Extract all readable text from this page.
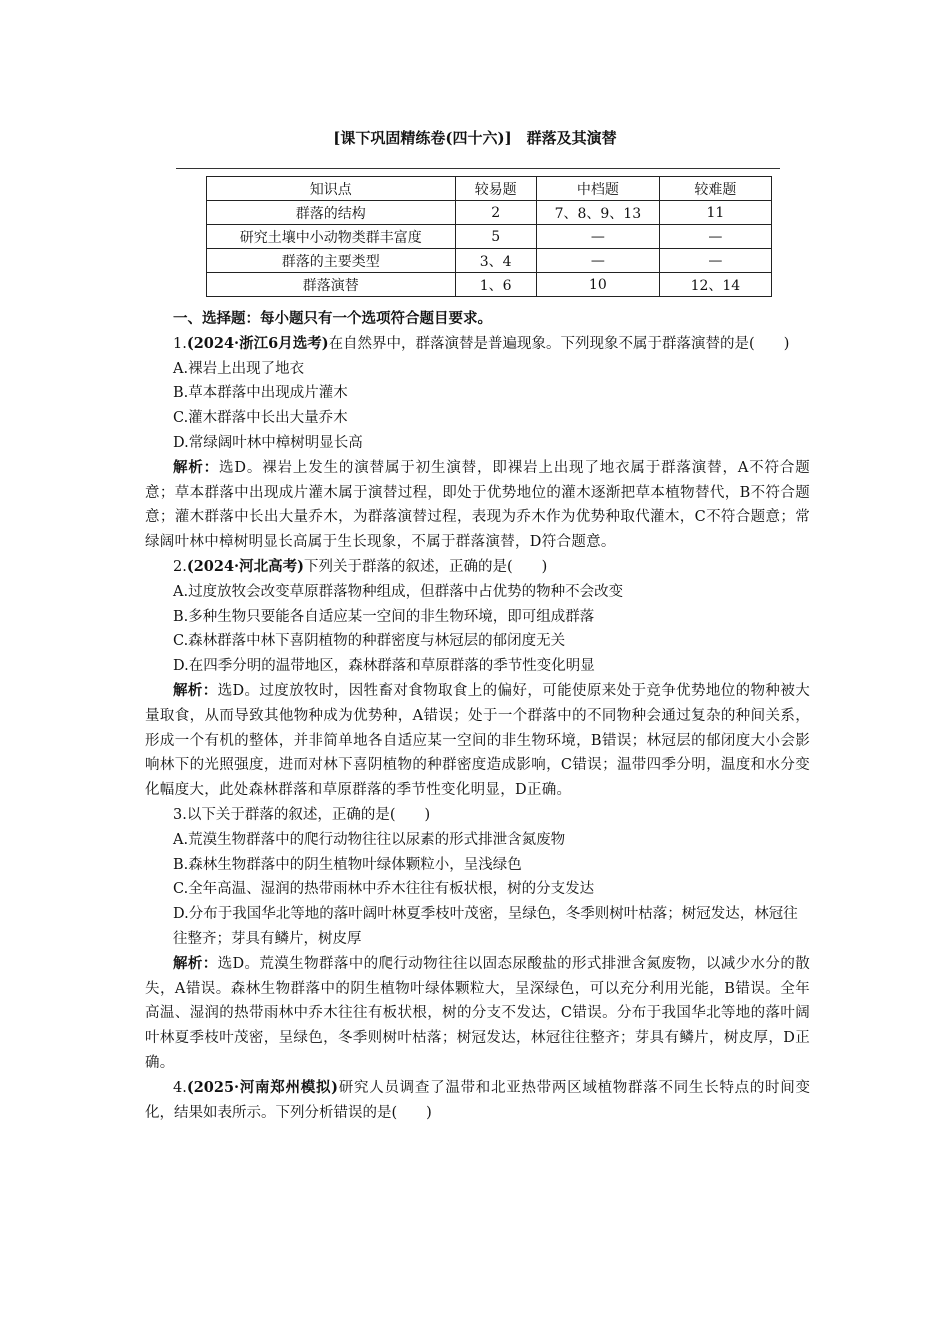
[课下巩固精练卷(四十六)]　群落及其演替
知识点	较易题	中档题	较难题
群落的结构	2	7、8、9、13	11
研究土壤中小动物类群丰富度	5	—	—
群落的主要类型	3、4	—	—
群落演替	1、6	10	12、14

一、选择题：每小题只有一个选项符合题目要求。

1.(2024·浙江6月选考)在自然界中，群落演替是普遍现象。下列现象不属于群落演替的是(　　)

A.裸岩上出现了地衣

B.草本群落中出现成片灌木

C.灌木群落中长出大量乔木

D.常绿阔叶林中樟树明显长高

解析：选D。裸岩上发生的演替属于初生演替，即裸岩上出现了地衣属于群落演替，A不符合题意；草本群落中出现成片灌木属于演替过程，即处于优势地位的灌木逐渐把草本植物替代，B不符合题意；灌木群落中长出大量乔木，为群落演替过程，表现为乔木作为优势种取代灌木，C不符合题意；常绿阔叶林中樟树明显长高属于生长现象，不属于群落演替，D符合题意。

2.(2024·河北高考)下列关于群落的叙述，正确的是(　　)

A.过度放牧会改变草原群落物种组成，但群落中占优势的物种不会改变

B.多种生物只要能各自适应某一空间的非生物环境，即可组成群落

C.森林群落中林下喜阴植物的种群密度与林冠层的郁闭度无关

D.在四季分明的温带地区，森林群落和草原群落的季节性变化明显

解析：选D。过度放牧时，因牲畜对食物取食上的偏好，可能使原来处于竞争优势地位的物种被大量取食，从而导致其他物种成为优势种，A错误；处于一个群落中的不同物种会通过复杂的种间关系，形成一个有机的整体，并非简单地各自适应某一空间的非生物环境，B错误；林冠层的郁闭度大小会影响林下的光照强度，进而对林下喜阴植物的种群密度造成影响，C错误；温带四季分明，温度和水分变化幅度大，此处森林群落和草原群落的季节性变化明显，D正确。

3.以下关于群落的叙述，正确的是(　　)

A.荒漠生物群落中的爬行动物往往以尿素的形式排泄含氮废物

B.森林生物群落中的阴生植物叶绿体颗粒小，呈浅绿色

C.全年高温、湿润的热带雨林中乔木往往有板状根，树的分支发达

D.分布于我国华北等地的落叶阔叶林夏季枝叶茂密，呈绿色，冬季则树叶枯落；树冠发达，林冠往往整齐；芽具有鳞片，树皮厚

解析：选D。荒漠生物群落中的爬行动物往往以固态尿酸盐的形式排泄含氮废物，以减少水分的散失，A错误。森林生物群落中的阴生植物叶绿体颗粒大，呈深绿色，可以充分利用光能，B错误。全年高温、湿润的热带雨林中乔木往往有板状根，树的分支不发达，C错误。分布于我国华北等地的落叶阔叶林夏季枝叶茂密，呈绿色，冬季则树叶枯落；树冠发达，林冠往往整齐；芽具有鳞片，树皮厚，D正确。

4.(2025·河南郑州模拟)研究人员调查了温带和北亚热带两区域植物群落不同生长特点的时间变化，结果如表所示。下列分析错误的是(　　)
